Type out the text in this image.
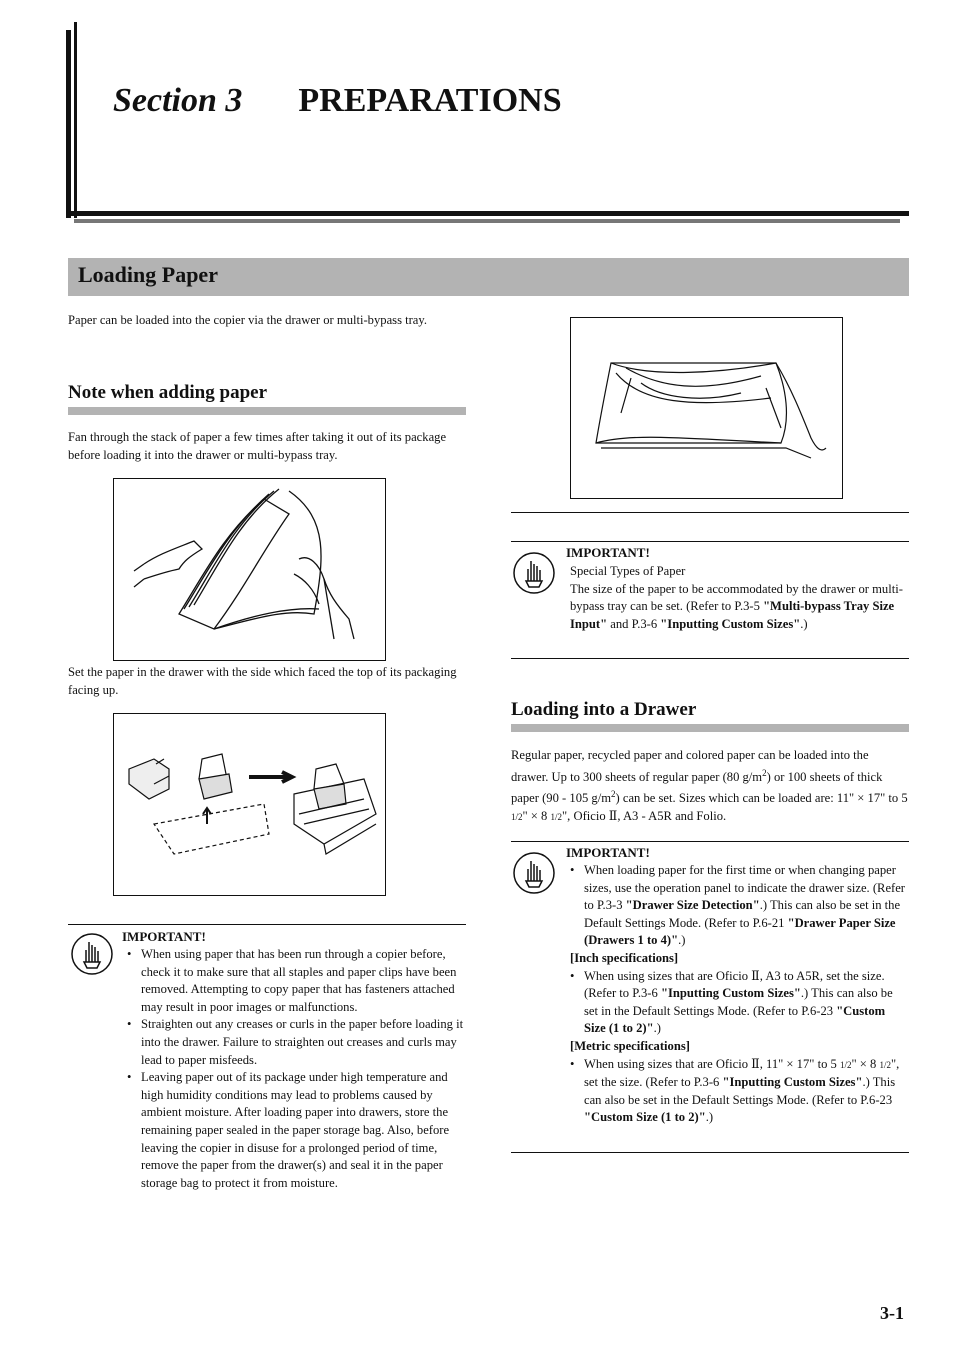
Section 3 PREPARATIONS
Loading Paper
Paper can be loaded into the copier via the drawer or multi-bypass tray.
Note when adding paper
Fan through the stack of paper a few times after taking it out of its package before loading it into the drawer or multi-bypass tray.
Set the paper in the drawer with the side which faced the top of its packaging facing up.
IMPORTANT!
• When using paper that has been run through a copier before, check it to make sure that all staples and paper clips have been removed. Attempting to copy paper that has fasteners attached may result in poor images or malfunctions.
• Straighten out any creases or curls in the paper before loading it into the drawer. Failure to straighten out creases and curls may lead to paper misfeeds.
• Leaving paper out of its package under high temperature and high humidity conditions may lead to problems caused by ambient moisture. After loading paper into drawers, store the remaining paper sealed in the paper storage bag. Also, before leaving the copier in disuse for a prolonged period of time, remove the paper from the drawer(s) and seal it in the paper storage bag to protect it from moisture.
IMPORTANT!
Special Types of Paper
The size of the paper to be accommodated by the drawer or multi-bypass tray can be set. (Refer to P.3-5 "Multi-bypass Tray Size Input" and P.3-6 "Inputting Custom Sizes".)
Loading into a Drawer
Regular paper, recycled paper and colored paper can be loaded into the drawer. Up to 300 sheets of regular paper (80 $g/m^2$) or 100 sheets of thick paper (90 - 105 $g/m^2$) can be set. Sizes which can be loaded are: 11" × 17" to 5 1/2" × 8 1/2", Oficio Ⅱ, A3 - A5R and Folio.
IMPORTANT!
• When loading paper for the first time or when changing paper sizes, use the operation panel to indicate the drawer size. (Refer to P.3-3 "Drawer Size Detection".) This can also be set in the Default Settings Mode. (Refer to P.6-21 "Drawer Paper Size (Drawers 1 to 4)".)
[Inch specifications]
• When using sizes that are Oficio Ⅱ, A3 to A5R, set the size. (Refer to P.3-6 "Inputting Custom Sizes".) This can also be set in the Default Settings Mode. (Refer to P.6-23 "Custom Size (1 to 2)".)
[Metric specifications]
• When using sizes that are Oficio Ⅱ, 11" × 17" to 5 1/2" × 8 1/2", set the size. (Refer to P.3-6 "Inputting Custom Sizes".) This can also be set in the Default Settings Mode. (Refer to P.6-23 "Custom Size (1 to 2)".)
3-1
